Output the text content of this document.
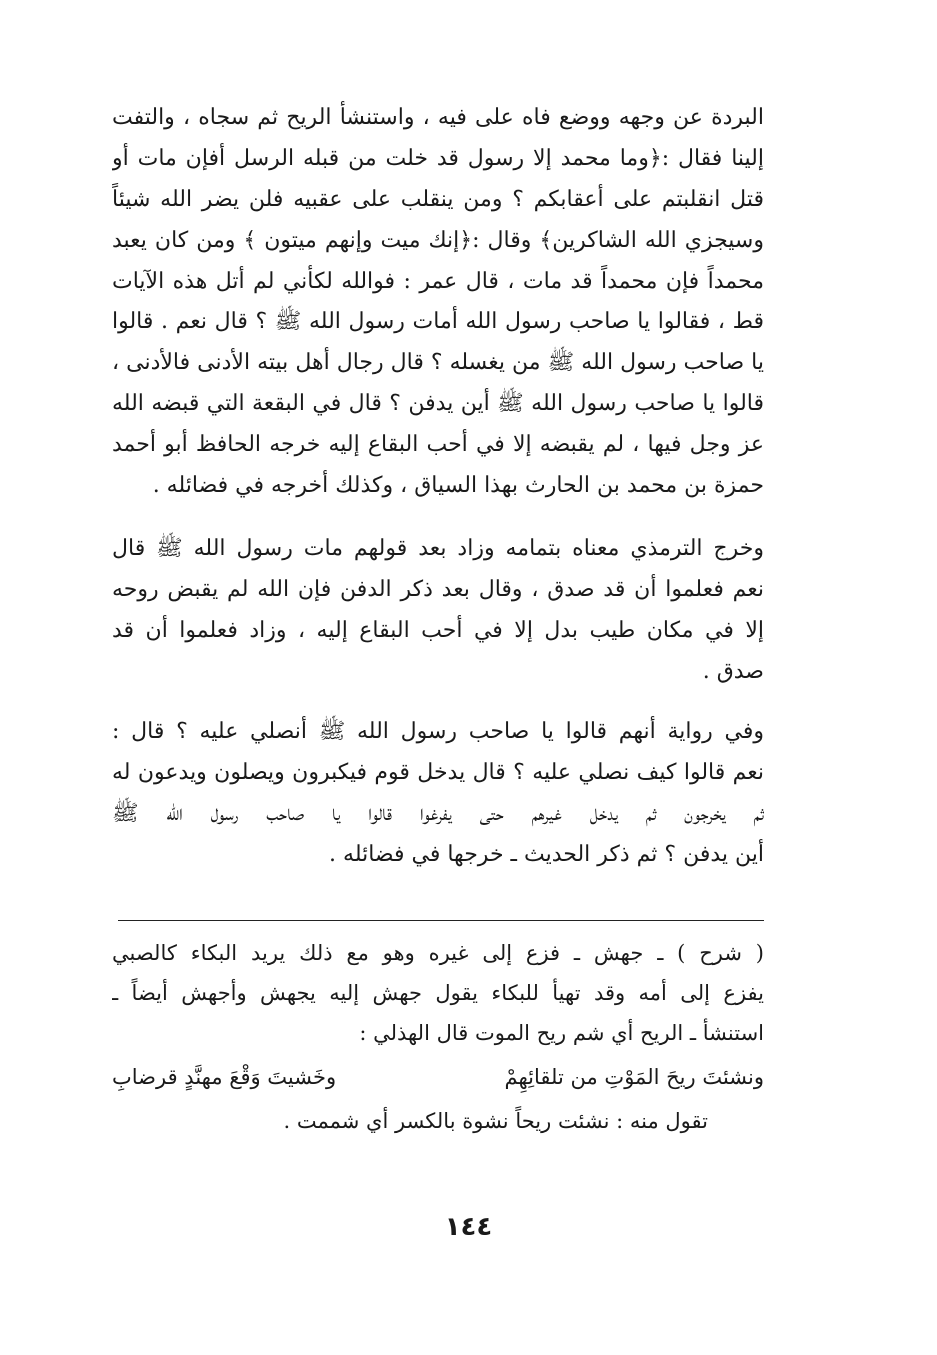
البردة عن وجهه ووضع فاه على فيه ، واستنشأ الريح ثم سجاه ، والتفت
إلينا فقال :﴿وما محمد إلا رسول قد خلت من قبله الرسل أفإن مات أو
قتل انقلبتم على أعقابكم ؟ ومن ينقلب على عقبيه فلن يضر الله شيئاً
وسيجزي الله الشاكرين﴾ وقال :﴿إنك ميت وإنهم ميتون ﴾ ومن كان يعبد
محمداً فإن محمداً قد مات ، قال عمر : فوالله لكأني لم أتل هذه الآيات
قط ، فقالوا يا صاحب رسول الله أمات رسول الله ﷺ ؟ قال نعم . قالوا
يا صاحب رسول الله ﷺ من يغسله ؟ قال رجال أهل بيته الأدنى فالأدنى ،
قالوا يا صاحب رسول الله ﷺ أين يدفن ؟ قال في البقعة التي قبضه الله
عز وجل فيها ، لم يقبضه إلا في أحب البقاع إليه خرجه الحافظ أبو أحمد
حمزة بن محمد بن الحارث بهذا السياق ، وكذلك أخرجه في فضائله .
وخرج الترمذي معناه بتمامه وزاد بعد قولهم مات رسول الله ﷺ قال
نعم فعلموا أن قد صدق ، وقال بعد ذكر الدفن فإن الله لم يقبض روحه
إلا في مكان طيب بدل إلا في أحب البقاع إليه ، وزاد فعلموا أن قد
صدق .
وفي رواية أنهم قالوا يا صاحب رسول الله ﷺ أنصلي عليه ؟ قال :
نعم قالوا كيف نصلي عليه ؟ قال يدخل قوم فيكبرون ويصلون ويدعون له
ثم يخرجون ثم يدخل غيرهم حتى يفرغوا قالوا يا صاحب رسول الله ﷺ
أين يدفن ؟ ثم ذكر الحديث ـ خرجها في فضائله .
( شرح ) ـ جهش ـ فزع إلى غيره وهو مع ذلك يريد البكاء كالصبي
يفزع إلى أمه وقد تهيأ للبكاء يقول جهش إليه يجهش وأجهش أيضاً ـ
استنشأ ـ الريح أي شم ريح الموت قال الهذلي :
ونشئتَ ريحَ المَوْتِ من تلقائِهِمْ
وخَشيتَ وَقْعَ مهنَّدٍ قرضابِ
تقول منه : نشئت ريحاً نشوة بالكسر أي شممت .
١٤٤
